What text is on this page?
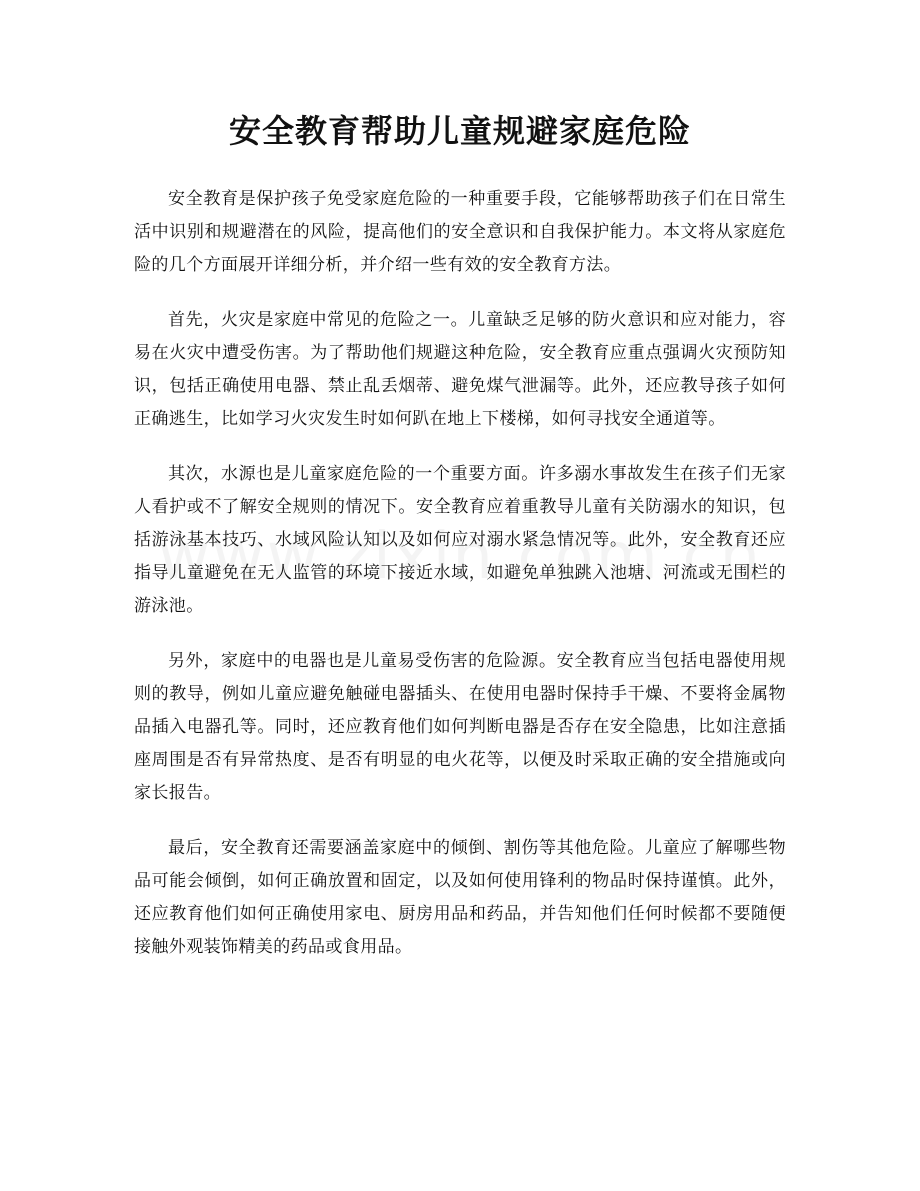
安全教育帮助儿童规避家庭危险

安全教育是保护孩子免受家庭危险的一种重要手段，它能够帮助孩子们在日常生活中识别和规避潜在的风险，提高他们的安全意识和自我保护能力。本文将从家庭危险的几个方面展开详细分析，并介绍一些有效的安全教育方法。

首先，火灾是家庭中常见的危险之一。儿童缺乏足够的防火意识和应对能力，容易在火灾中遭受伤害。为了帮助他们规避这种危险，安全教育应重点强调火灾预防知识，包括正确使用电器、禁止乱丢烟蒂、避免煤气泄漏等。此外，还应教导孩子如何正确逃生，比如学习火灾发生时如何趴在地上下楼梯，如何寻找安全通道等。

其次，水源也是儿童家庭危险的一个重要方面。许多溺水事故发生在孩子们无家人看护或不了解安全规则的情况下。安全教育应着重教导儿童有关防溺水的知识，包括游泳基本技巧、水域风险认知以及如何应对溺水紧急情况等。此外，安全教育还应指导儿童避免在无人监管的环境下接近水域，如避免单独跳入池塘、河流或无围栏的游泳池。

另外，家庭中的电器也是儿童易受伤害的危险源。安全教育应当包括电器使用规则的教导，例如儿童应避免触碰电器插头、在使用电器时保持手干燥、不要将金属物品插入电器孔等。同时，还应教育他们如何判断电器是否存在安全隐患，比如注意插座周围是否有异常热度、是否有明显的电火花等，以便及时采取正确的安全措施或向家长报告。

最后，安全教育还需要涵盖家庭中的倾倒、割伤等其他危险。儿童应了解哪些物品可能会倾倒，如何正确放置和固定，以及如何使用锋利的物品时保持谨慎。此外，还应教育他们如何正确使用家电、厨房用品和药品，并告知他们任何时候都不要随便接触外观装饰精美的药品或食用品。
